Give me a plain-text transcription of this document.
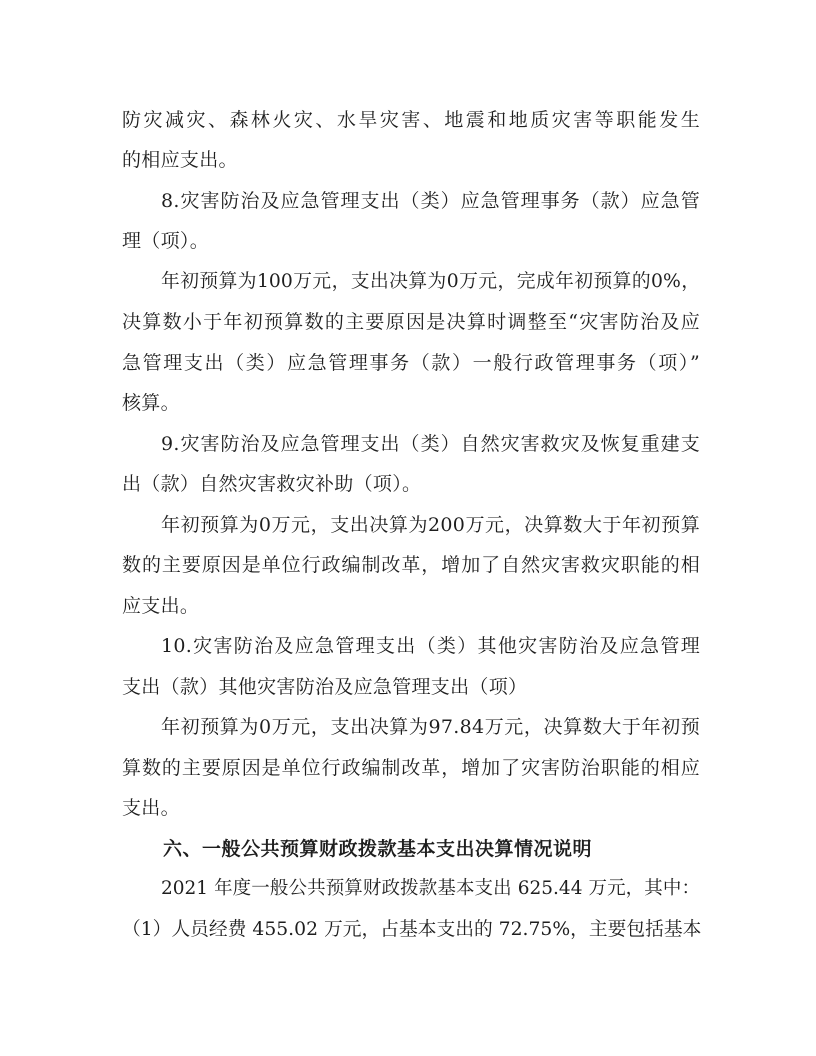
防灾减灾、森林火灾、水旱灾害、地震和地质灾害等职能发生

的相应支出。

8.灾害防治及应急管理支出（类）应急管理事务（款）应急管

理（项）。

年初预算为100万元，支出决算为0万元，完成年初预算的0%，

决算数小于年初预算数的主要原因是决算时调整至“灾害防治及应

急管理支出（类）应急管理事务（款）一般行政管理事务（项）”

核算。

9.灾害防治及应急管理支出（类）自然灾害救灾及恢复重建支

出（款）自然灾害救灾补助（项）。

年初预算为0万元，支出决算为200万元，决算数大于年初预算

数的主要原因是单位行政编制改革，增加了自然灾害救灾职能的相

应支出。

10.灾害防治及应急管理支出（类）其他灾害防治及应急管理

支出（款）其他灾害防治及应急管理支出（项）

年初预算为0万元，支出决算为97.84万元，决算数大于年初预

算数的主要原因是单位行政编制改革，增加了灾害防治职能的相应

支出。

六、一般公共预算财政拨款基本支出决算情况说明

2021 年度一般公共预算财政拨款基本支出 625.44 万元，其中：

（1）人员经费 455.02 万元，占基本支出的 72.75%，主要包括基本
